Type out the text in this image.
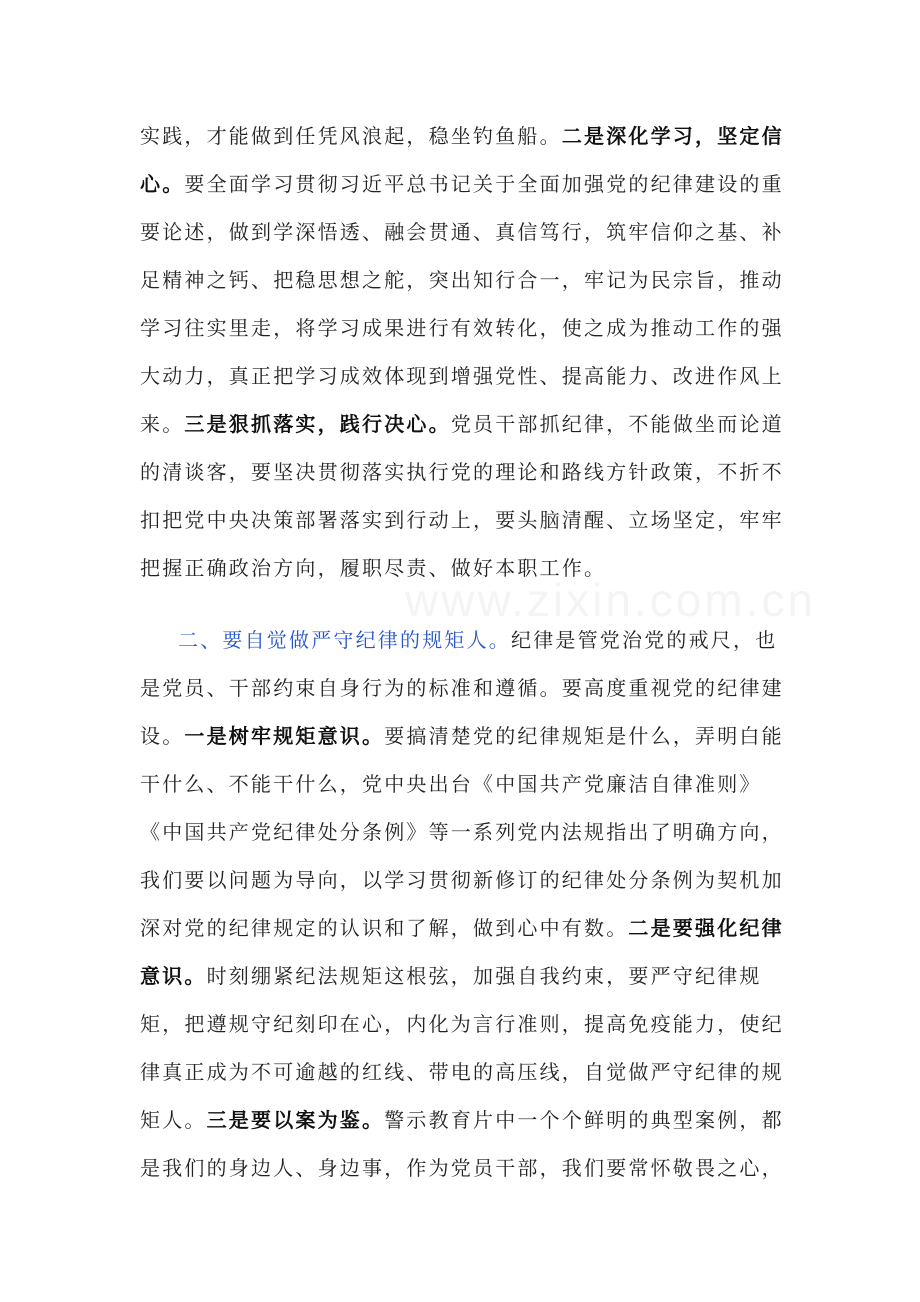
www.zixin.com.cn
实践，才能做到任凭风浪起，稳坐钓鱼船。二是深化学习，坚定信
心。要全面学习贯彻习近平总书记关于全面加强党的纪律建设的重
要论述，做到学深悟透、融会贯通、真信笃行，筑牢信仰之基、补
足精神之钙、把稳思想之舵，突出知行合一，牢记为民宗旨，推动
学习往实里走，将学习成果进行有效转化，使之成为推动工作的强
大动力，真正把学习成效体现到增强党性、提高能力、改进作风上
来。三是狠抓落实，践行决心。党员干部抓纪律，不能做坐而论道
的清谈客，要坚决贯彻落实执行党的理论和路线方针政策，不折不
扣把党中央决策部署落实到行动上，要头脑清醒、立场坚定，牢牢
把握正确政治方向，履职尽责、做好本职工作。
二、要自觉做严守纪律的规矩人。纪律是管党治党的戒尺，也
是党员、干部约束自身行为的标准和遵循。要高度重视党的纪律建
设。一是树牢规矩意识。要搞清楚党的纪律规矩是什么，弄明白能
干什么、不能干什么，党中央出台《中国共产党廉洁自律准则》
《中国共产党纪律处分条例》等一系列党内法规指出了明确方向，
我们要以问题为导向，以学习贯彻新修订的纪律处分条例为契机加
深对党的纪律规定的认识和了解，做到心中有数。二是要强化纪律
意识。时刻绷紧纪法规矩这根弦，加强自我约束，要严守纪律规
矩，把遵规守纪刻印在心，内化为言行准则，提高免疫能力，使纪
律真正成为不可逾越的红线、带电的高压线，自觉做严守纪律的规
矩人。三是要以案为鉴。警示教育片中一个个鲜明的典型案例，都
是我们的身边人、身边事，作为党员干部，我们要常怀敬畏之心，
